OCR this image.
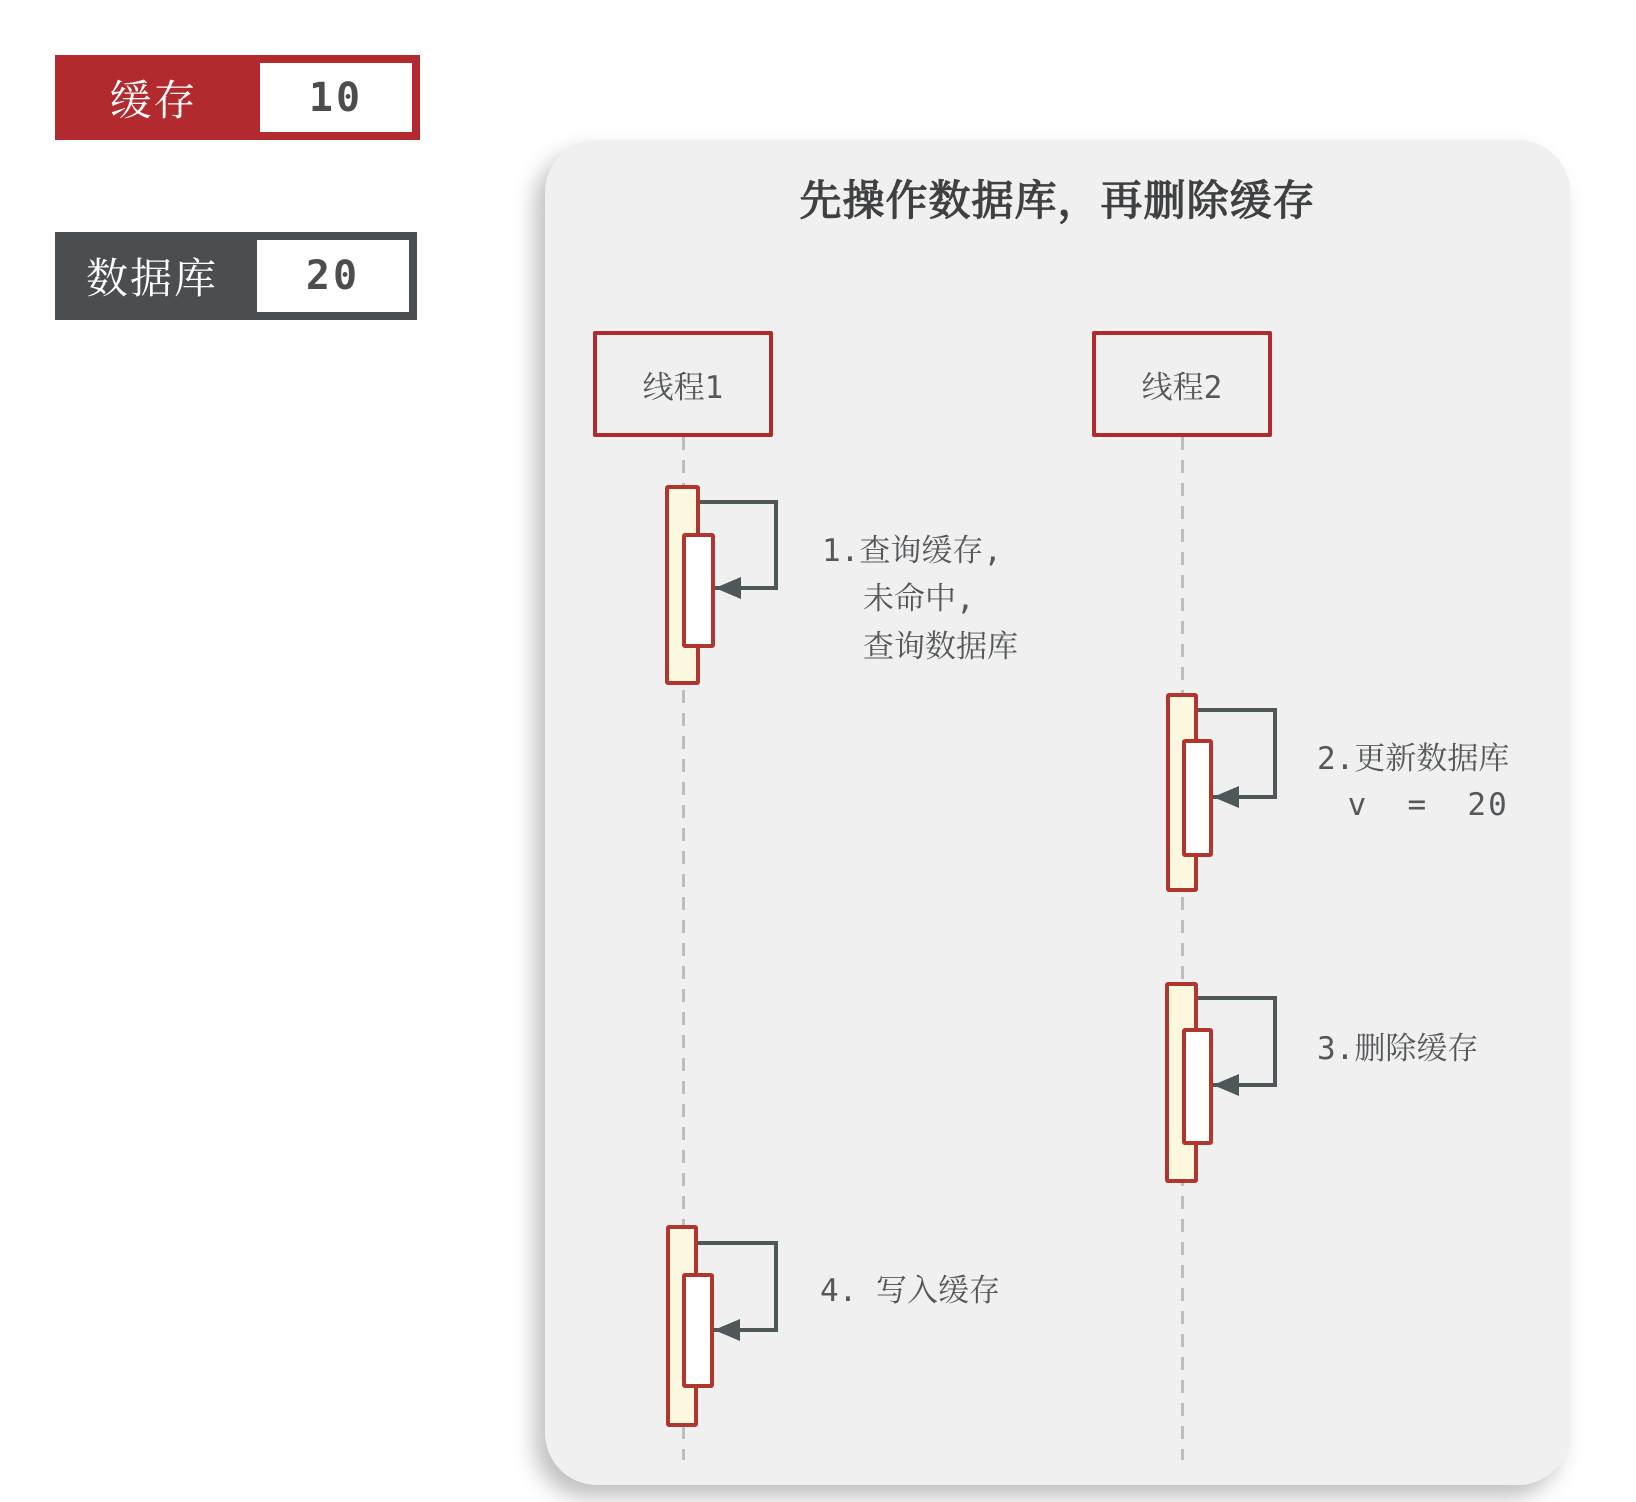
缓存	10
数据库	20
先操作数据库，再删除缓存
线程1	线程2
1.查询缓存,
未命中,
查询数据库
2.更新数据库
v = 20
3.删除缓存
4. 写入缓存
